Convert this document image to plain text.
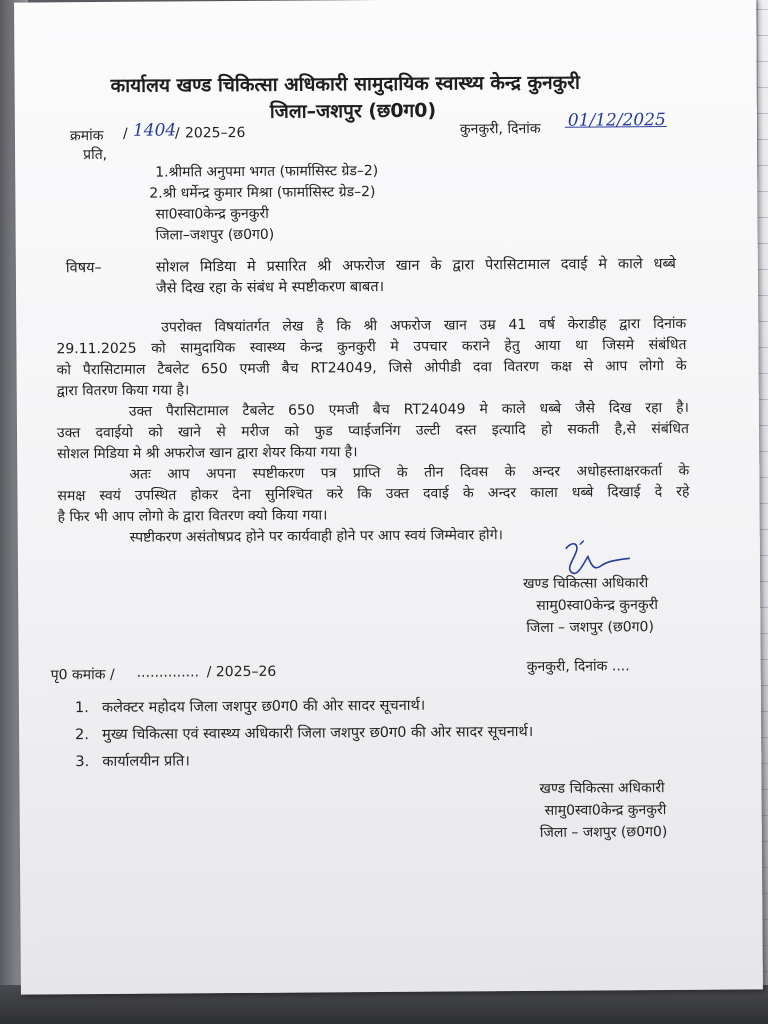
कार्यालय खण्ड चिकित्सा अधिकारी सामुदायिक स्वास्थ्य केन्द्र कुनकुरी
जिला–जशपुर (छ0ग0)
क्रमांक / 1404
/ 2025–26	कुनकुरी, दिनांक 01/12/2025
प्रति,
1.श्रीमति अनुपमा भगत (फार्मासिस्ट ग्रेड–2)
2.श्री धर्मेन्द्र कुमार मिश्रा (फार्मासिस्ट ग्रेड–2)
सा0स्वा0केन्द्र कुनकुरी
जिला–जशपुर (छ0ग0)
विषय–	सोशल मिडिया मे प्रसारित श्री अफरोज खान के द्वारा पेरासिटामाल दवाई मे काले धब्बे
जैसे दिख रहा के संबंध मे स्पष्टीकरण बाबत।
उपरोक्त विषयांतर्गत लेख है कि श्री अफरोज खान उम्र 41 वर्ष केराडीह द्वारा दिनांक
29.11.2025 को सामुदायिक स्वास्थ्य केन्द्र कुनकुरी मे उपचार कराने हेतु आया था जिसमे संबंधित
को पैरासिटामाल टैबलेट 650 एमजी बैच RT24049, जिसे ओपीडी दवा वितरण कक्ष से आप लोगो के
द्वारा वितरण किया गया है।
उक्त पैरासिटामाल टैबलेट 650 एमजी बैच RT24049 मे काले धब्बे जैसे दिख रहा है।
उक्त दवाईयो को खाने से मरीज को फुड प्वाईजनिंग उल्टी दस्त इत्यादि हो सकती है,से संबंधित
सोशल मिडिया मे श्री अफरोज खान द्वारा शेयर किया गया है।
अतः आप अपना स्पष्टीकरण पत्र प्राप्ति के तीन दिवस के अन्दर अधोहस्ताक्षरकर्ता के
समक्ष स्वयं उपस्थित होकर देना सुनिश्चित करे कि उक्त दवाई के अन्दर काला धब्बे दिखाई दे रहे
है फिर भी आप लोगो के द्वारा वितरण क्यो किया गया।
स्पष्टीकरण असंतोषप्रद होने पर कार्यवाही होने पर आप स्वयं जिम्मेवार होगे।
खण्ड चिकित्सा अधिकारी
सामु0स्वा0केन्द्र कुनकुरी
जिला – जशपुर (छ0ग0)
पृ0 कमांक / .............. / 2025–26	कुनकुरी, दिनांक ....
1. कलेक्टर महोदय जिला जशपुर छ0ग0 की ओर सादर सूचनार्थ।
2. मुख्य चिकित्सा एवं स्वास्थ्य अधिकारी जिला जशपुर छ0ग0 की ओर सादर सूचनार्थ।
3. कार्यालयीन प्रति।
खण्ड चिकित्सा अधिकारी
सामु0स्वा0केन्द्र कुनकुरी
जिला – जशपुर (छ0ग0)
